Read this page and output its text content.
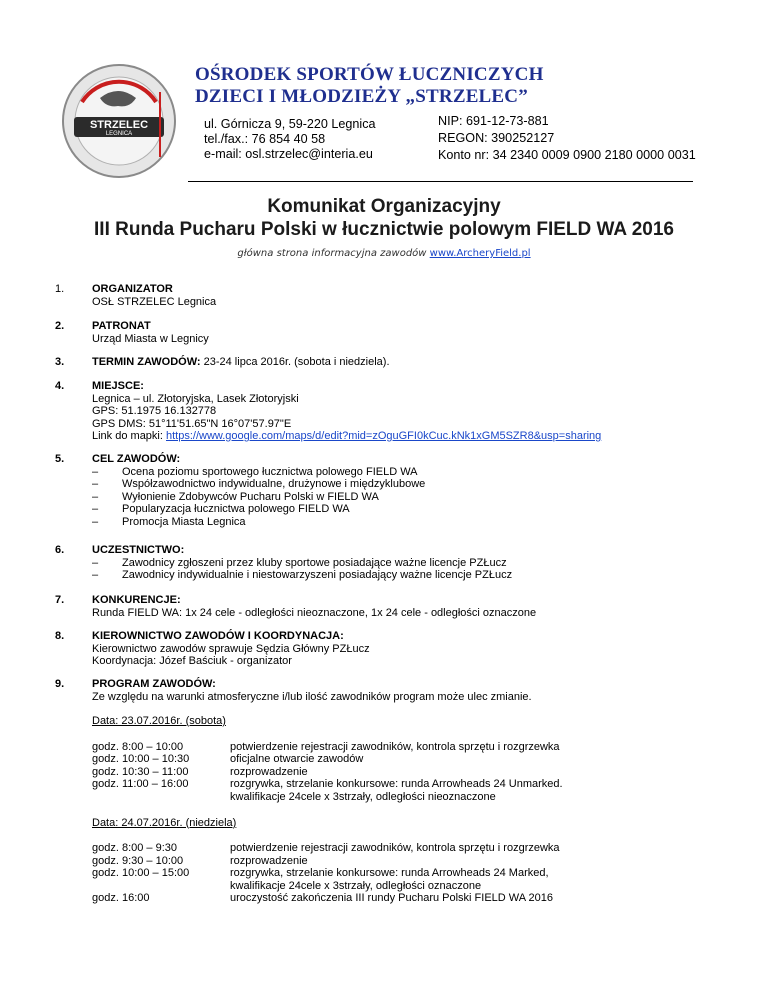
STRZELEC
LEGNICA
OŚRODEK SPORTÓW ŁUCZNICZYCH
DZIECI I MŁODZIEŻY „STRZELEC”
ul. Górnicza 9, 59-220 Legnica
tel./fax.: 76 854 40 58
e-mail: osl.strzelec@interia.eu
NIP: 691-12-73-881
REGON: 390252127
Konto nr: 34 2340 0009 0900 2180 0000 0031
Komunikat Organizacyjny
III Runda Pucharu Polski w łucznictwie polowym FIELD WA 2016
główna strona informacyjna zawodów www.ArcheryField.pl
1.	ORGANIZATOR
OSŁ STRZELEC Legnica
2.	PATRONAT
Urząd Miasta w Legnicy
3.	TERMIN ZAWODÓW: 23-24 lipca 2016r. (sobota i niedziela).
4.	MIEJSCE:
Legnica – ul. Złotoryjska, Lasek Złotoryjski
GPS: 51.1975 16.132778
GPS DMS: 51°11'51.65"N 16°07'57.97"E
Link do mapki: https://www.google.com/maps/d/edit?mid=zOguGFI0kCuc.kNk1xGM5SZR8&usp=sharing
5.	CEL ZAWODÓW:
– Ocena poziomu sportowego łucznictwa polowego FIELD WA
– Współzawodnictwo indywidualne, drużynowe i międzyklubowe
– Wyłonienie Zdobywców Pucharu Polski w FIELD WA
– Popularyzacja łucznictwa polowego FIELD WA
– Promocja Miasta Legnica
6.	UCZESTNICTWO:
– Zawodnicy zgłoszeni przez kluby sportowe posiadające ważne licencje PZŁucz
– Zawodnicy indywidualnie i niestowarzyszeni posiadający ważne licencje PZŁucz
7.	KONKURENCJE:
Runda FIELD WA: 1x 24 cele - odległości nieoznaczone, 1x 24 cele - odległości oznaczone
8.	KIEROWNICTWO ZAWODÓW I KOORDYNACJA:
Kierownictwo zawodów sprawuje Sędzia Główny PZŁucz
Koordynacja: Józef Baściuk - organizator
9.	PROGRAM ZAWODÓW:
Ze względu na warunki atmosferyczne i/lub ilość zawodników program może ulec zmianie.
Data: 23.07.2016r. (sobota)
godz. 8:00 – 10:00	potwierdzenie rejestracji zawodników, kontrola sprzętu i rozgrzewka
godz. 10:00 – 10:30	oficjalne otwarcie zawodów
godz. 10:30 – 11:00	rozprowadzenie
godz. 11:00 – 16:00	rozgrywka, strzelanie konkursowe: runda Arrowheads 24 Unmarked.
kwalifikacje 24cele x 3strzały, odległości nieoznaczone
Data: 24.07.2016r. (niedziela)
godz. 8:00 – 9:30	potwierdzenie rejestracji zawodników, kontrola sprzętu i rozgrzewka
godz. 9:30 – 10:00	rozprowadzenie
godz. 10:00 – 15:00	rozgrywka, strzelanie konkursowe: runda Arrowheads 24 Marked,
kwalifikacje 24cele x 3strzały, odległości oznaczone
godz. 16:00	uroczystość zakończenia III rundy Pucharu Polski FIELD WA 2016
